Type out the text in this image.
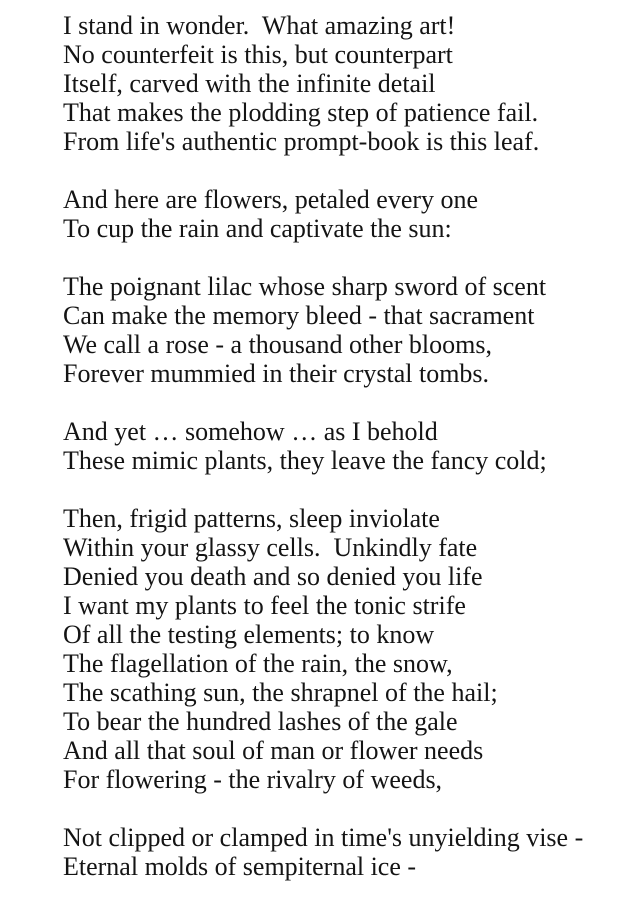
I stand in wonder.  What amazing art!
No counterfeit is this, but counterpart
Itself, carved with the infinite detail
That makes the plodding step of patience fail.
From life's authentic prompt-book is this leaf.
And here are flowers, petaled every one
To cup the rain and captivate the sun:
The poignant lilac whose sharp sword of scent
Can make the memory bleed - that sacrament
We call a rose - a thousand other blooms,
Forever mummied in their crystal tombs.
And yet … somehow … as I behold
These mimic plants, they leave the fancy cold;
Then, frigid patterns, sleep inviolate
Within your glassy cells.  Unkindly fate
Denied you death and so denied you life
I want my plants to feel the tonic strife
Of all the testing elements; to know
The flagellation of the rain, the snow,
The scathing sun, the shrapnel of the hail;
To bear the hundred lashes of the gale
And all that soul of man or flower needs
For flowering - the rivalry of weeds,
Not clipped or clamped in time's unyielding vise -
Eternal molds of sempiternal ice -
